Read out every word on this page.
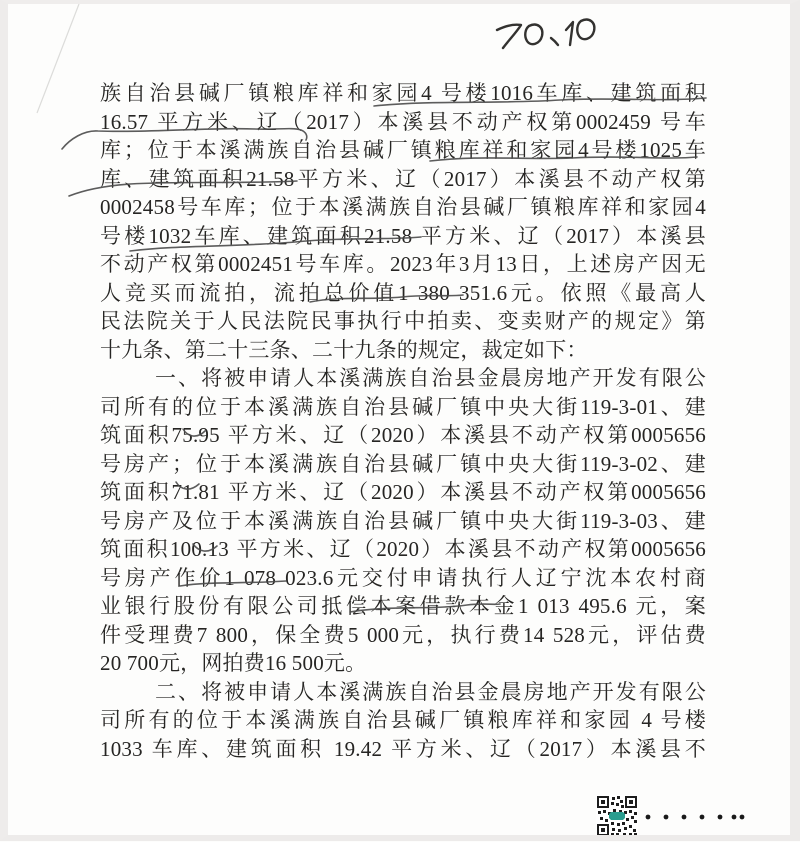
族自治县碱厂镇粮库祥和家园4 号楼1016车库、建筑面积
16.57 平方米、辽（2017）本溪县不动产权第0002459 号车
库；位于本溪满族自治县碱厂镇粮库祥和家园4号楼1025车
库、建筑面积21.58平方米、辽（2017）本溪县不动产权第
0002458号车库；位于本溪满族自治县碱厂镇粮库祥和家园4
号楼1032车库、建筑面积21.58 平方米、辽（2017）本溪县
不动产权第0002451号车库。2023年3月13日，上述房产因无
人竞买而流拍，流拍总价值1 380 351.6元。依照《最高人
民法院关于人民法院民事执行中拍卖、变卖财产的规定》第
十九条、第二十三条、二十九条的规定，裁定如下：
一、将被申请人本溪满族自治县金晨房地产开发有限公
司所有的位于本溪满族自治县碱厂镇中央大街119-3-01、建
筑面积75.95 平方米、辽（2020）本溪县不动产权第0005656
号房产；位于本溪满族自治县碱厂镇中央大街119-3-02、建
筑面积71.81 平方米、辽（2020）本溪县不动产权第0005656
号房产及位于本溪满族自治县碱厂镇中央大街119-3-03、建
筑面积100.13 平方米、辽（2020）本溪县不动产权第0005656
号房产作价1 078 023.6元交付申请执行人辽宁沈本农村商
业银行股份有限公司抵偿本案借款本金1 013 495.6 元，案
件受理费7 800，保全费5 000元，执行费14 528元，评估费
20 700元，网拍费16 500元。
二、将被申请人本溪满族自治县金晨房地产开发有限公
司所有的位于本溪满族自治县碱厂镇粮库祥和家园 4 号楼
1033 车库、建筑面积 19.42 平方米、辽（2017）本溪县不
